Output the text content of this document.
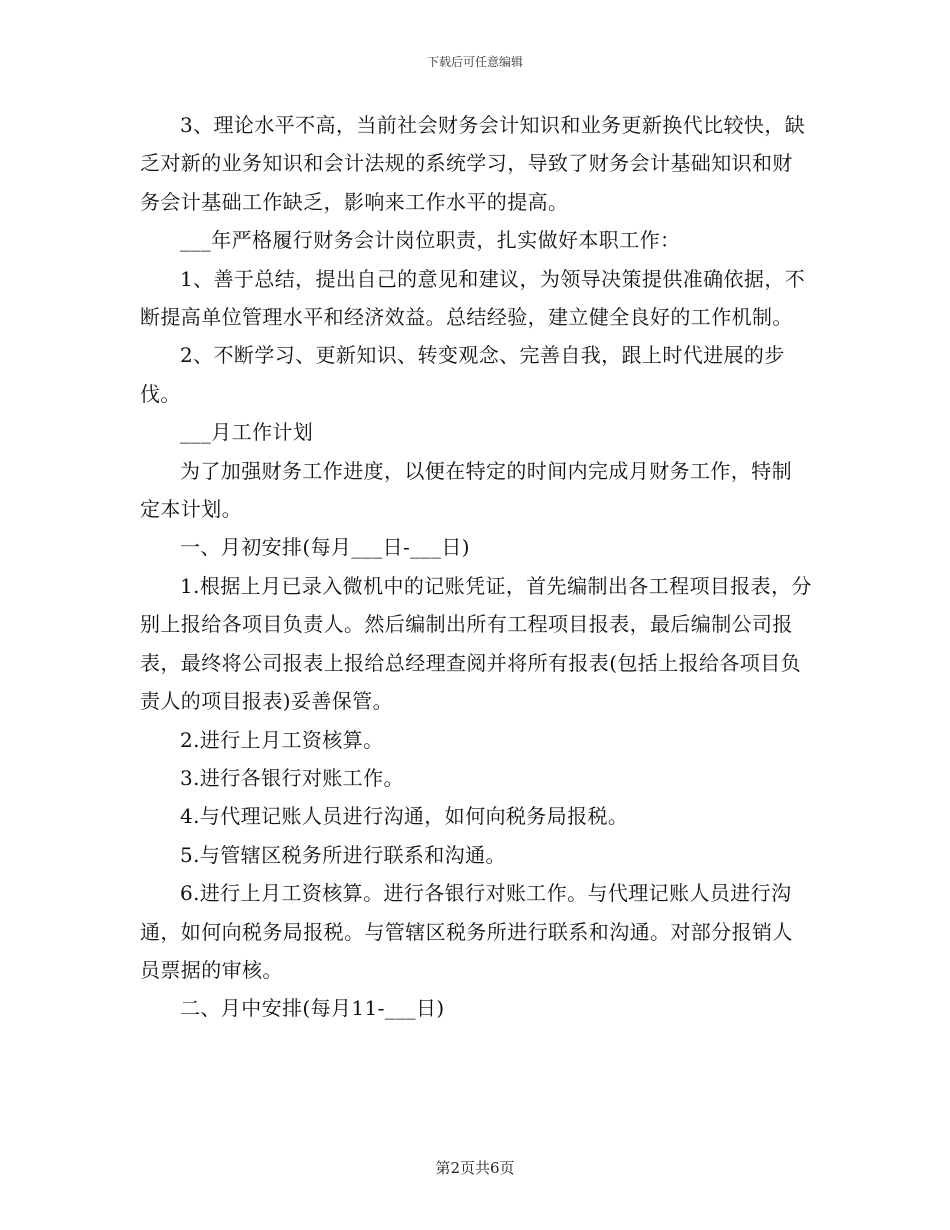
下载后可任意编辑

3、理论水平不高，当前社会财务会计知识和业务更新换代比较快，缺乏对新的业务知识和会计法规的系统学习，导致了财务会计基础知识和财务会计基础工作缺乏，影响来工作水平的提高。

___年严格履行财务会计岗位职责，扎实做好本职工作：

1、善于总结，提出自己的意见和建议，为领导决策提供准确依据，不断提高单位管理水平和经济效益。总结经验，建立健全良好的工作机制。

2、不断学习、更新知识、转变观念、完善自我，跟上时代进展的步伐。

___月工作计划

为了加强财务工作进度，以便在特定的时间内完成月财务工作，特制定本计划。

一、月初安排(每月___日-___日)

1.根据上月已录入微机中的记账凭证，首先编制出各工程项目报表，分别上报给各项目负责人。然后编制出所有工程项目报表，最后编制公司报表，最终将公司报表上报给总经理查阅并将所有报表(包括上报给各项目负责人的项目报表)妥善保管。

2.进行上月工资核算。

3.进行各银行对账工作。

4.与代理记账人员进行沟通，如何向税务局报税。

5.与管辖区税务所进行联系和沟通。

6.进行上月工资核算。进行各银行对账工作。与代理记账人员进行沟通，如何向税务局报税。与管辖区税务所进行联系和沟通。对部分报销人员票据的审核。

二、月中安排(每月11-___日)

第2页共6页
